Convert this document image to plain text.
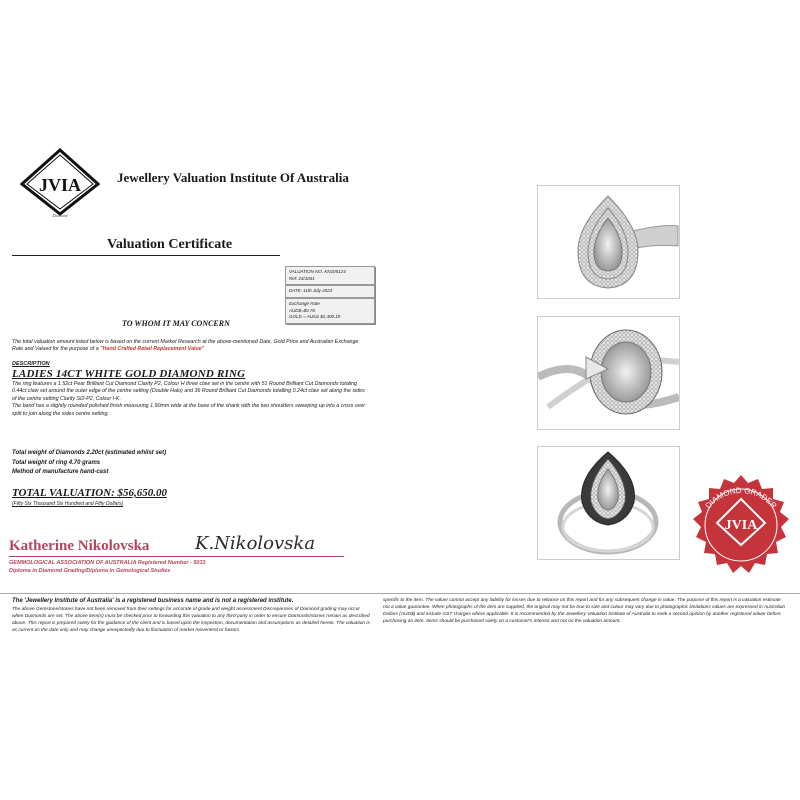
JVIA
Diamond
Jewellery Valuation Institute Of Australia
Valuation Certificate
VALUATION NO. KN105124
Ref: 24/1051
DATE: 11th July 2023
Exchange Rate
AUD$=$0.78
GOLD = AU/oz $2,400.19
TO WHOM IT MAY CONCERN
The total valuation amount listed below is based on the current Market Research at the above-mentioned Date, Gold Price and Australian Exchange Rate and Valued for the purpose of a "Hand Crafted Retail Replacement Value"
DESCRIPTION
LADIES 14CT WHITE GOLD DIAMOND RING
The ring features a 1.52ct Pear Brilliant Cut Diamond Clarity P2, Colour H three claw set in the centre with 51 Round Brilliant Cut Diamonds totaling 0.44ct claw set around the outer edge of the centre setting (Double Halo) and 36 Round Brilliant Cut Diamonds totalling 0.24ct claw set along the sides of the centre setting Clarity SI2-P2, Colour I-K.
The band has a slightly rounded polished finish measuring 1.90mm wide at the base of the shank with the two shoulders sweeping up into a cross over split to join along the sides centre setting.
Total weight of Diamonds 2.20ct (estimated whilst set)
Total weight of ring 4.70 grams
Method of manufacture hand-cast
TOTAL VALUATION: $56,650.00
(Fifty Six Thousand Six Hundred and Fifty Dollars)
Katherine Nikolovska	K.Nikolovska
GEMMOLOGICAL ASSOCIATION OF AUSTRALIA Registered Number - 5033
Diploma in Diamond Grading/Diploma in Gemological Studies
The 'Jewellery Institute of Australia' is a registered business name and is not a registered institute.
The above Gemstone/stones have not been removed from their settings for accurate of grade and weight assessment Discrepancies of Diamond grading may occur when Diamonds are set. The above item(s) must be checked prior to forwarding this valuation to any third party in order to ensure Diamonds/stones remain as described above. This report is prepared solely for the guidance of the client and is based upon the inspection, documentation and assumptions as detailed herein. The valuation is as current as the date only and may change unexpectedly due to fluctuation of market movement or factors
specific to the item. The valuer cannot accept any liability for losses due to reliance on this report and for any subsequent change in value. The purpose of this report is a valuation estimate not a value guarantee. When photographs of the item are supplied, the original may not be true to size and colour may vary due to photographic limitations values are expressed in Australian Dollars (AUD$) and include GST charges where applicable. It is recommended by the Jewellery Valuation Institute of Australia to seek a second opinion by another registered valuer before purchasing an item. Items should be purchased solely on a customer's interest and not on the valuation amount.
DIAMOND GRADER
GEMMOLOGIST NO.5033
JVIA
